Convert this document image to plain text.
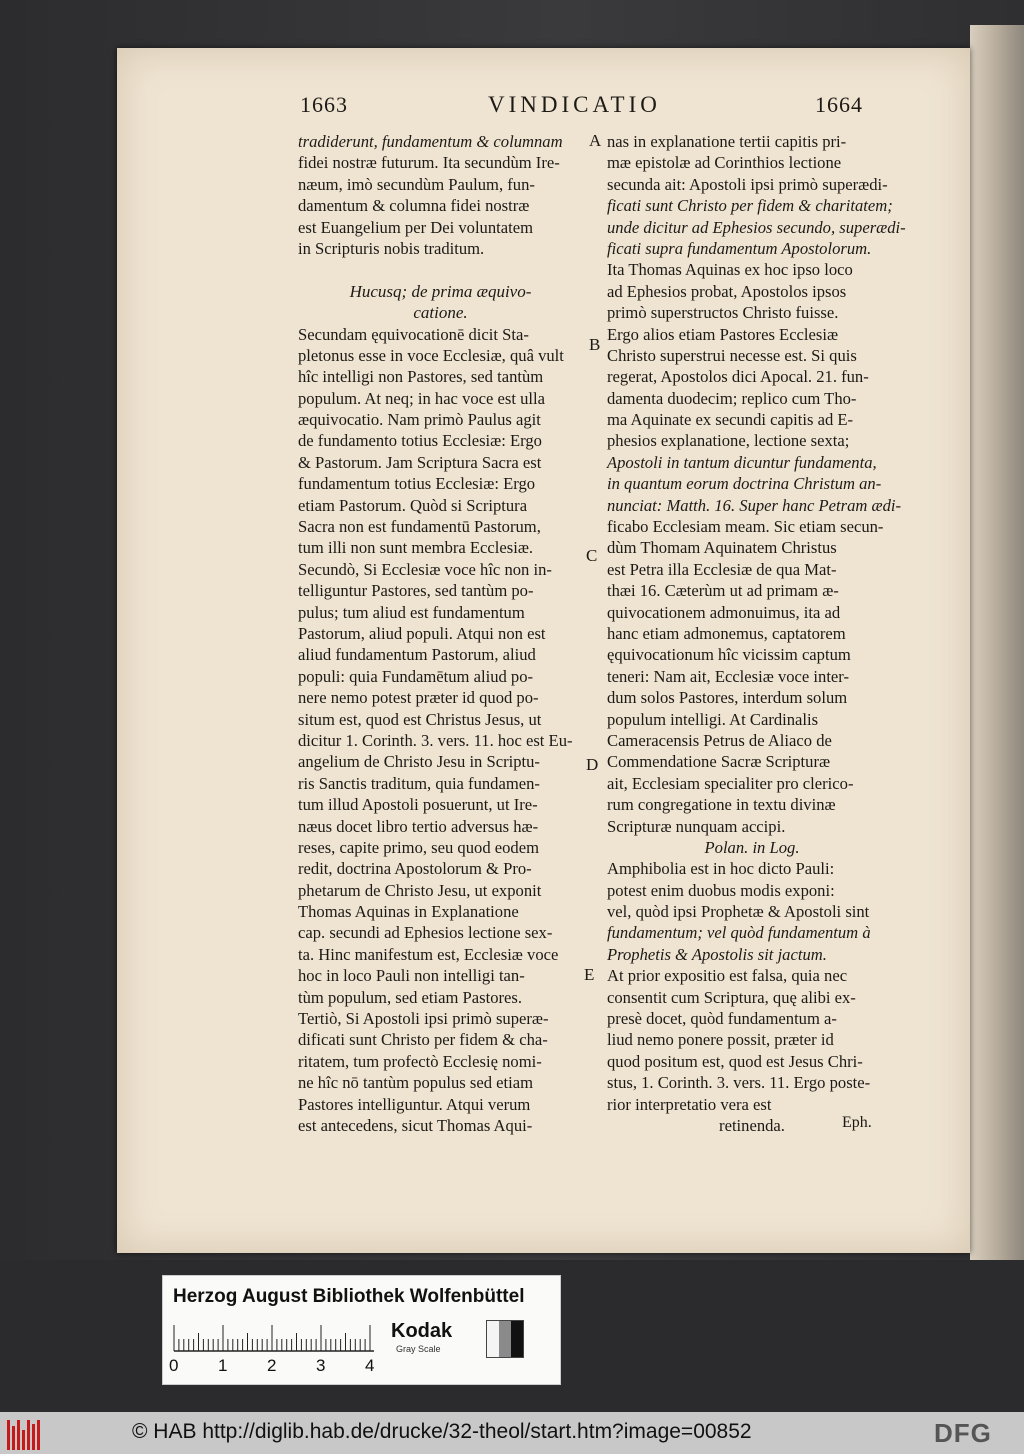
1663	VINDICATIO	1664
tradiderunt, fundamentum & columnam
fidei nostræ futurum. Ita secundùm Ire-
næum, imò secundùm Paulum, fun-
damentum & columna fidei nostræ
est Euangelium per Dei voluntatem
in Scripturis nobis traditum.
Hucusq; de prima æquivo-
catione.
Secundam ęquivocationē dicit Sta-
pletonus esse in voce Ecclesiæ, quâ vult
hîc intelligi non Pastores, sed tantùm
populum. At neq; in hac voce est ulla
æquivocatio. Nam primò Paulus agit
de fundamento totius Ecclesiæ: Ergo
& Pastorum. Jam Scriptura Sacra est
fundamentum totius Ecclesiæ: Ergo
etiam Pastorum. Quòd si Scriptura
Sacra non est fundamentū Pastorum,
tum illi non sunt membra Ecclesiæ.
Secundò, Si Ecclesiæ voce hîc non in-
telliguntur Pastores, sed tantùm po-
pulus; tum aliud est fundamentum
Pastorum, aliud populi. Atqui non est
aliud fundamentum Pastorum, aliud
populi: quia Fundamētum aliud po-
nere nemo potest præter id quod po-
situm est, quod est Christus Jesus, ut
dicitur 1. Corinth. 3. vers. 11. hoc est Eu-
angelium de Christo Jesu in Scriptu-
ris Sanctis traditum, quia fundamen-
tum illud Apostoli posuerunt, ut Ire-
næus docet libro tertio adversus hæ-
reses, capite primo, seu quod eodem
redit, doctrina Apostolorum & Pro-
phetarum de Christo Jesu, ut exponit
Thomas Aquinas in Explanatione
cap. secundi ad Ephesios lectione sex-
ta. Hinc manifestum est, Ecclesiæ voce
hoc in loco Pauli non intelligi tan-
tùm populum, sed etiam Pastores.
Tertiò, Si Apostoli ipsi primò superæ-
dificati sunt Christo per fidem & cha-
ritatem, tum profectò Ecclesię nomi-
ne hîc nō tantùm populus sed etiam
Pastores intelliguntur. Atqui verum
est antecedens, sicut Thomas Aqui-
nas in explanatione tertii capitis pri-
mæ epistolæ ad Corinthios lectione
secunda ait: Apostoli ipsi primò superædi-
ficati sunt Christo per fidem & charitatem;
unde dicitur ad Ephesios secundo, superædi-
ficati supra fundamentum Apostolorum.
Ita Thomas Aquinas ex hoc ipso loco
ad Ephesios probat, Apostolos ipsos
primò superstructos Christo fuisse.
Ergo alios etiam Pastores Ecclesiæ
Christo superstrui necesse est. Si quis
regerat, Apostolos dici Apocal. 21. fun-
damenta duodecim; replico cum Tho-
ma Aquinate ex secundi capitis ad E-
phesios explanatione, lectione sexta;
Apostoli in tantum dicuntur fundamenta,
in quantum eorum doctrina Christum an-
nunciat: Matth. 16. Super hanc Petram ædi-
ficabo Ecclesiam meam. Sic etiam secun-
dùm Thomam Aquinatem Christus
est Petra illa Ecclesiæ de qua Mat-
thæi 16. Cæterùm ut ad primam æ-
quivocationem admonuimus, ita ad
hanc etiam admonemus, captatorem
ęquivocationum hîc vicissim captum
teneri: Nam ait, Ecclesiæ voce inter-
dum solos Pastores, interdum solum
populum intelligi. At Cardinalis
Cameracensis Petrus de Aliaco de
Commendatione Sacræ Scripturæ
ait, Ecclesiam specialiter pro clerico-
rum congregatione in textu divinæ
Scripturæ nunquam accipi.
Polan. in Log.
Amphibolia est in hoc dicto Pauli:
potest enim duobus modis exponi:
vel, quòd ipsi Prophetæ & Apostoli sint
fundamentum; vel quòd fundamentum à
Prophetis & Apostolis sit jactum.
At prior expositio est falsa, quia nec
consentit cum Scriptura, quę alibi ex-
presè docet, quòd fundamentum a-
liud nemo ponere possit, præter id
quod positum est, quod est Jesus Chri-
stus, 1. Corinth. 3. vers. 11. Ergo poste-
rior interpretatio vera est
retinenda.
A
B
C
D
E
Eph.
Herzog August Bibliothek Wolfenbüttel
0 1 2 3 4
Kodak
Gray Scale
© HAB http://diglib.hab.de/drucke/32-theol/start.htm?image=00852	DFG
